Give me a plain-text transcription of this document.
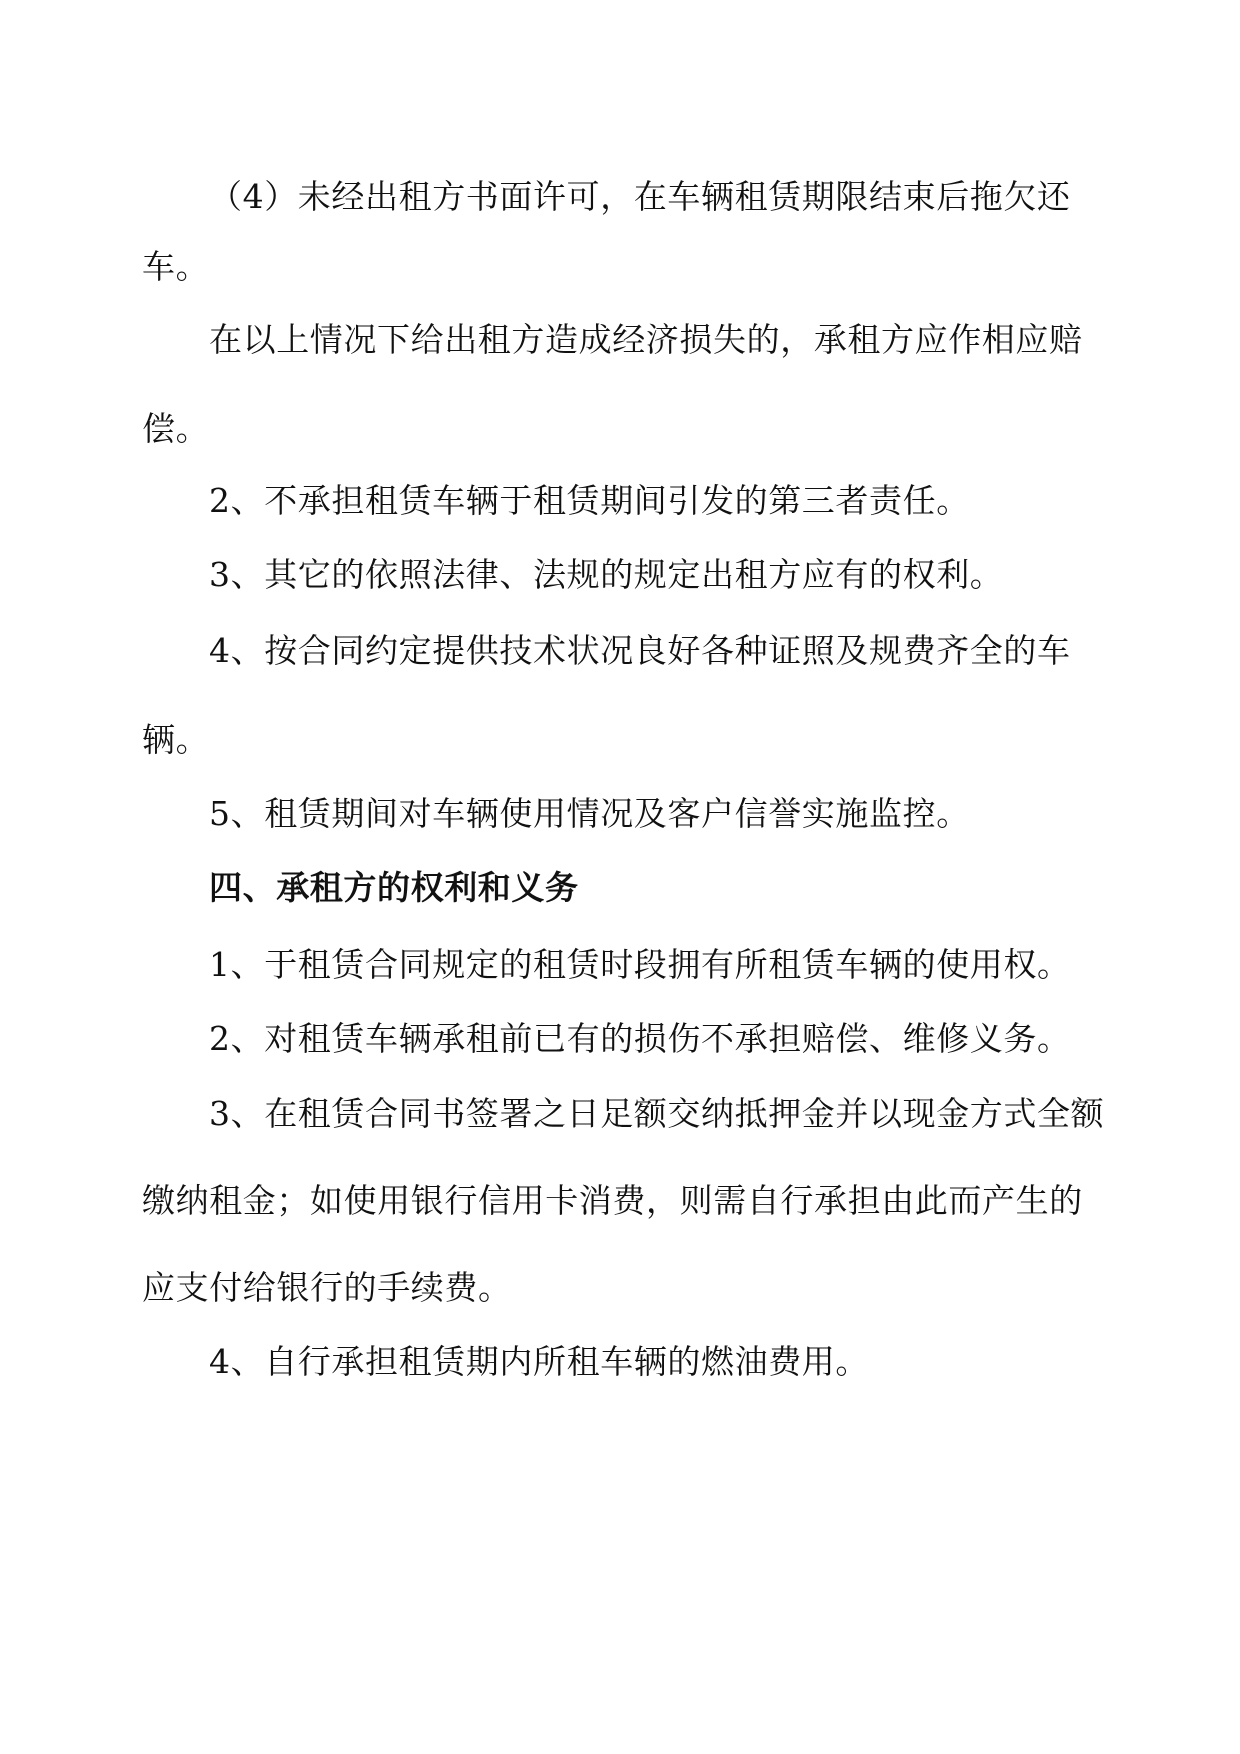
（4）未经出租方书面许可，在车辆租赁期限结束后拖欠还

车。

在以上情况下给出租方造成经济损失的，承租方应作相应赔

偿。

2、不承担租赁车辆于租赁期间引发的第三者责任。

3、其它的依照法律、法规的规定出租方应有的权利。

4、按合同约定提供技术状况良好各种证照及规费齐全的车

辆。

5、租赁期间对车辆使用情况及客户信誉实施监控。

四、承租方的权利和义务

1、于租赁合同规定的租赁时段拥有所租赁车辆的使用权。

2、对租赁车辆承租前已有的损伤不承担赔偿、维修义务。

3、在租赁合同书签署之日足额交纳抵押金并以现金方式全额

缴纳租金；如使用银行信用卡消费，则需自行承担由此而产生的

应支付给银行的手续费。

4、自行承担租赁期内所租车辆的燃油费用。
